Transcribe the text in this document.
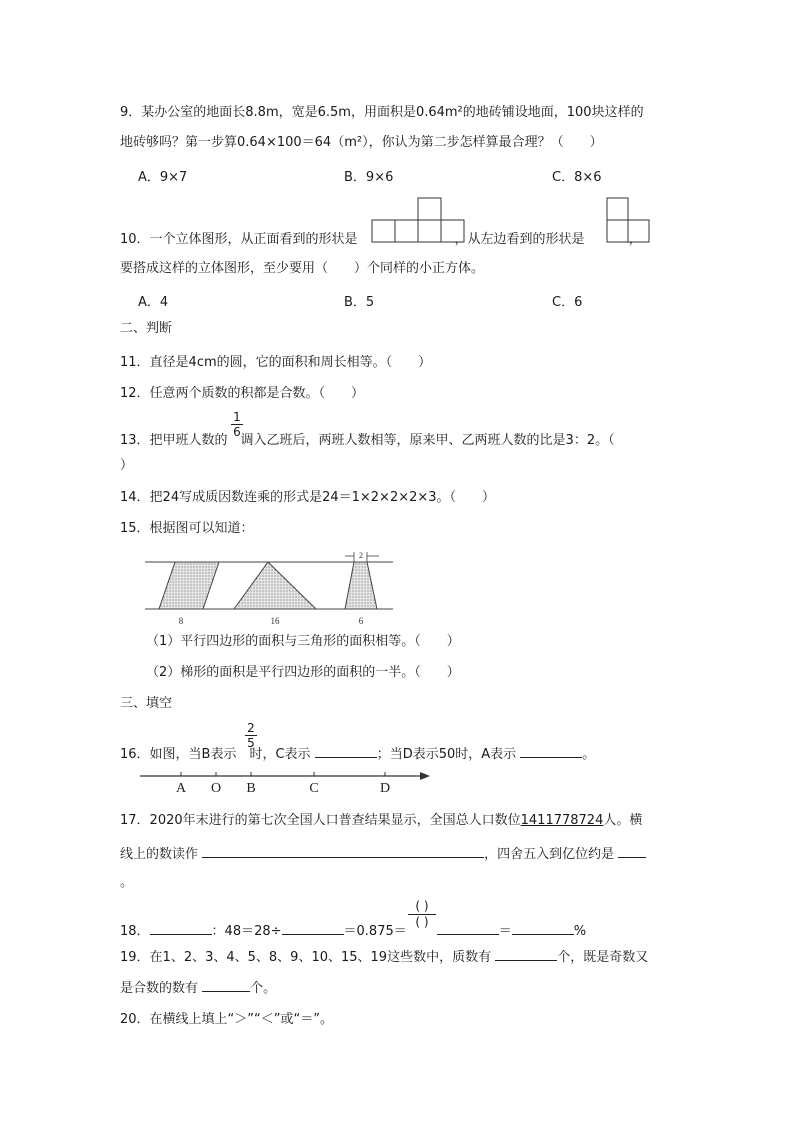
9．某办公室的地面长8.8m，宽是6.5m，用面积是0.64m²的地砖铺设地面，100块这样的
地砖够吗？第一步算0.64×100＝64（m²），你认为第二步怎样算最合理？（　　）
A．9×7	B．9×6	C．8×6
10．一个立体图形，从正面看到的形状是	，从左边看到的形状是	，
要搭成这样的立体图形，至少要用（　　）个同样的小正方体。
A．4	B．5	C．6
二、判断
11．直径是4cm的圆，它的面积和周长相等。（　　）
12．任意两个质数的积都是合数。（　　）
1
6
13．把甲班人数的 调入乙班后，两班人数相等，原来甲、乙两班人数的比是3：2。（
）
14．把24写成质因数连乘的形式是24＝1×2×2×2×3。（　　）
15．根据图可以知道：
2
8	16	6
（1）平行四边形的面积与三角形的面积相等。（　　）
（2）梯形的面积是平行四边形的面积的一半。（　　）
三、填空
2
5
16．如图，当B表示 时，C表示	；当D表示50时，A表示	。
A O B	C	D
17．2020年末进行的第七次全国人口普查结果显示，全国总人口数位1411778724人。横
线上的数读作	，四舍五入到亿位约是
。
( )
( )
18．	：48＝28÷	＝0.875＝	＝	%
19．在1、2、3、4、5、8、9、10、15、19这些数中，质数有	个，既是奇数又
是合数的数有	个。
20．在横线上填上“＞”“＜”或“＝”。
